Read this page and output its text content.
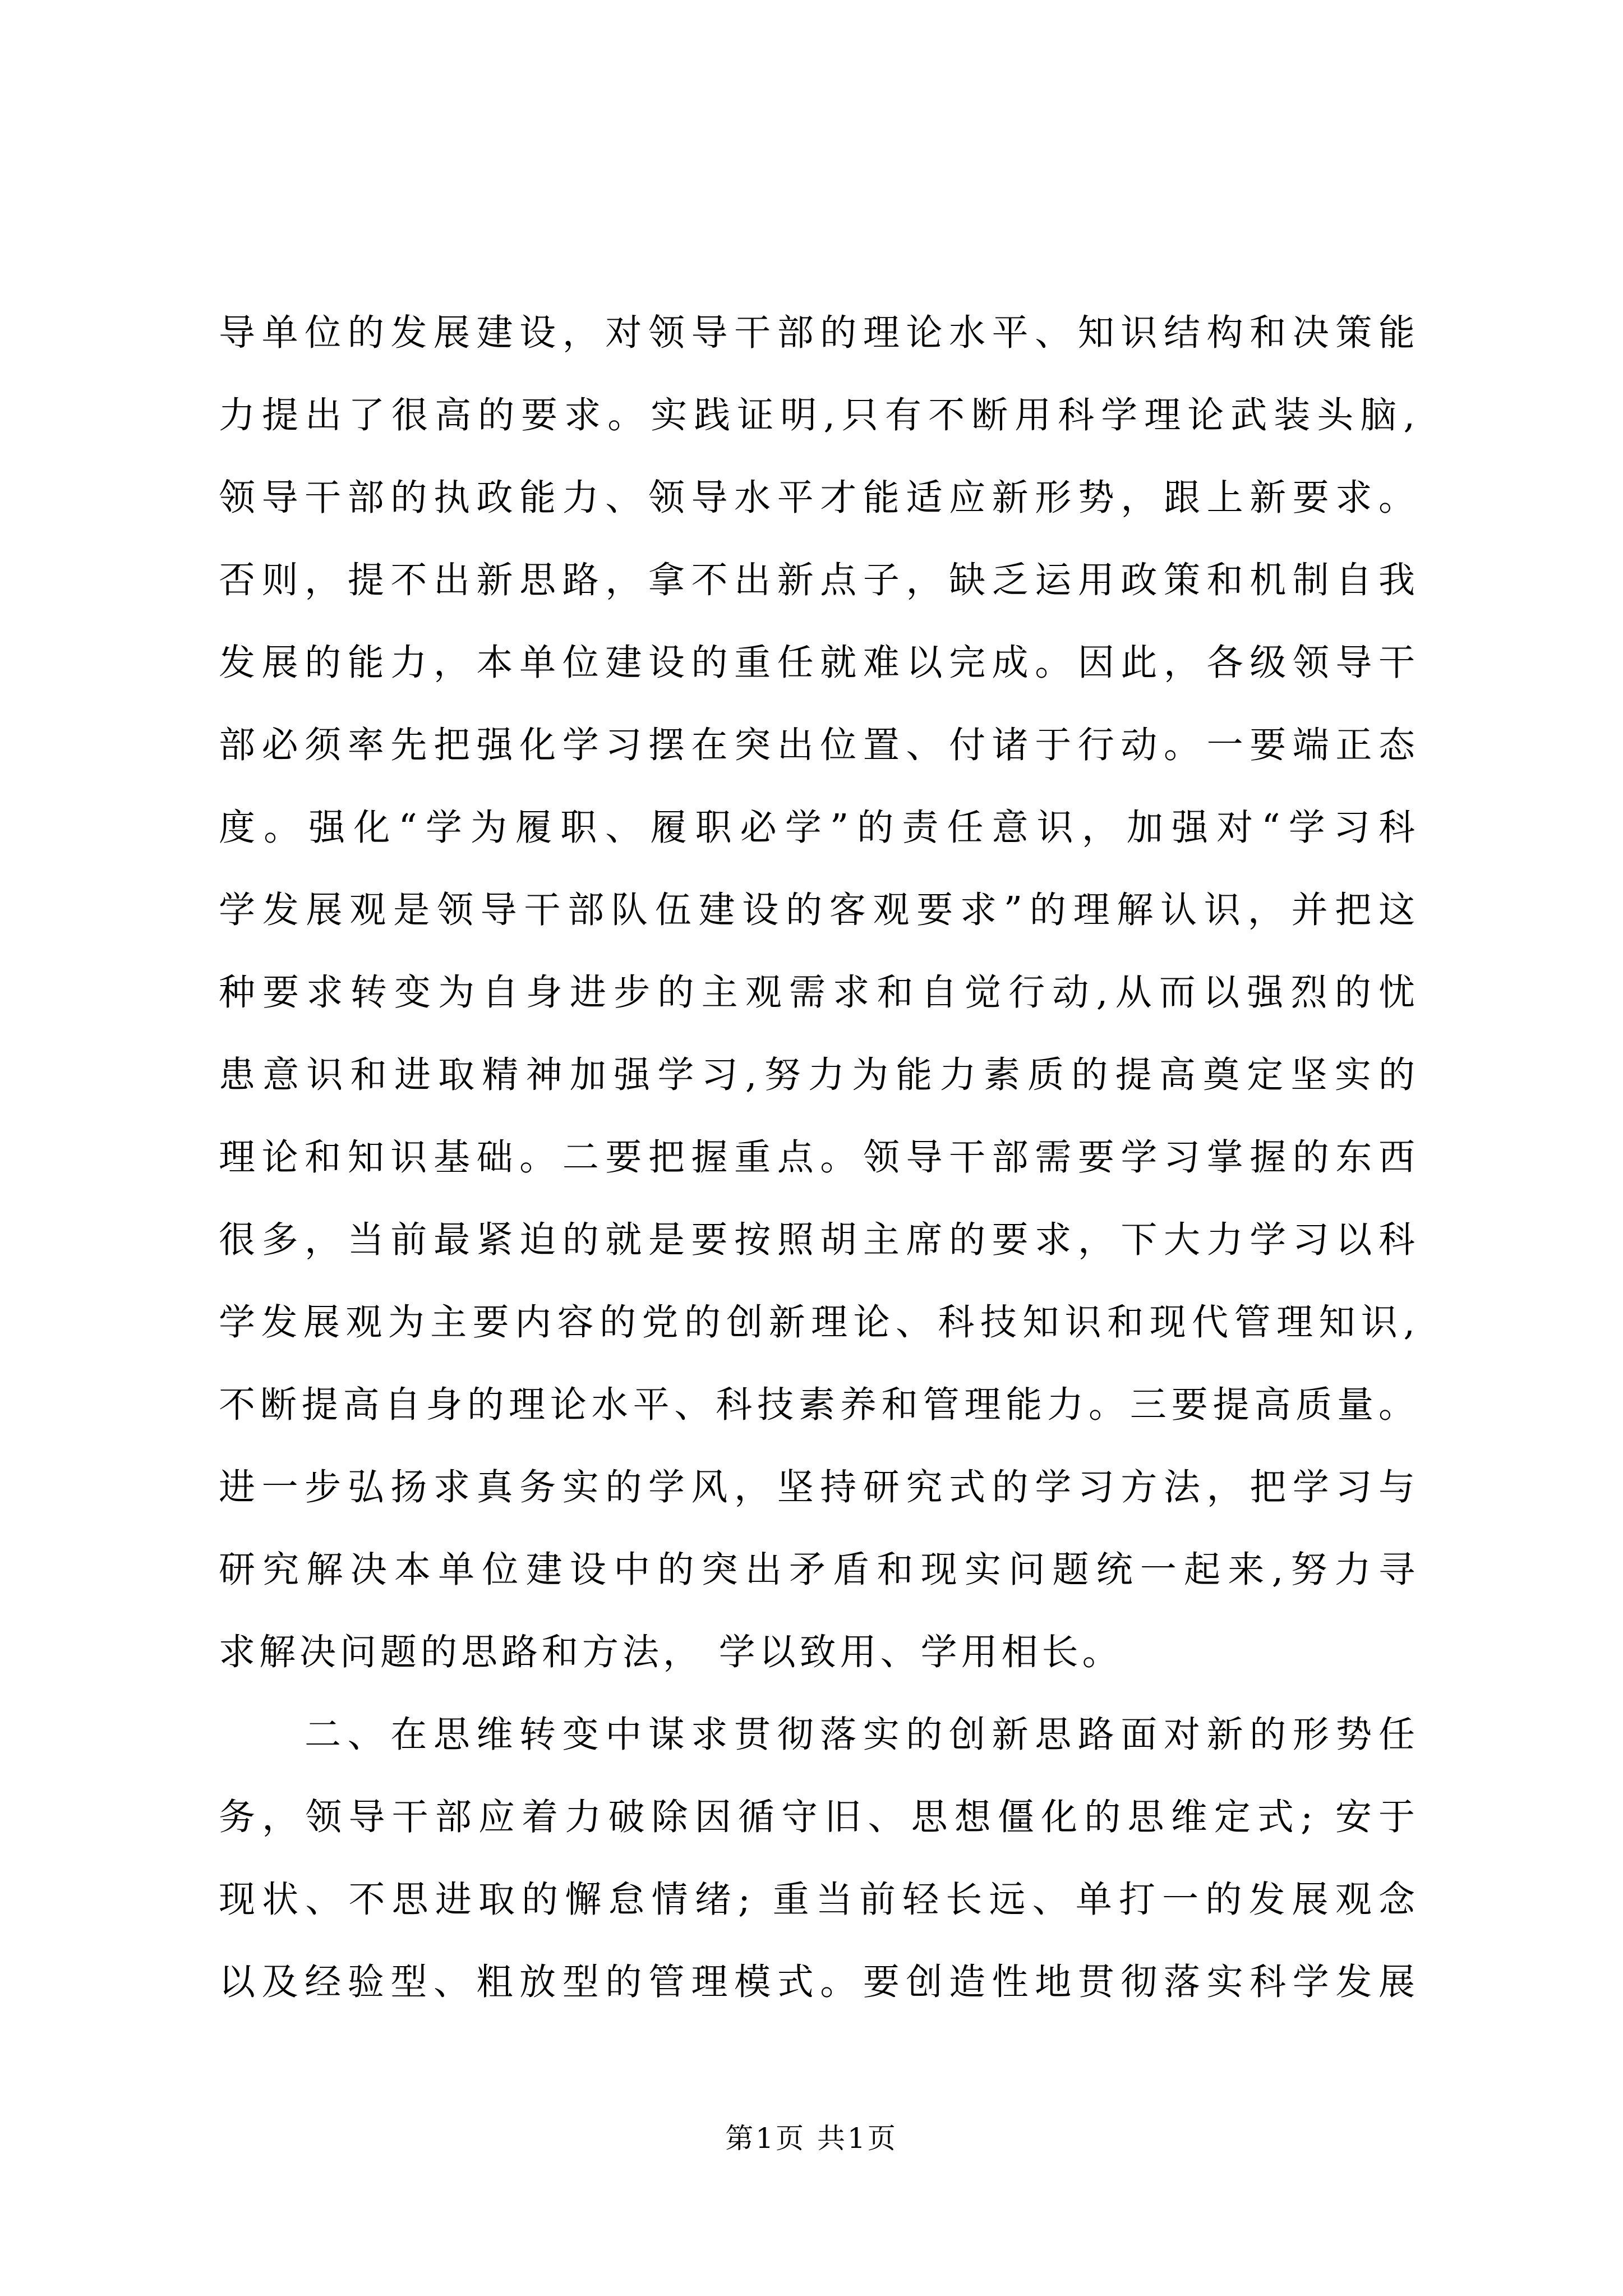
导单位的发展建设，对领导干部的理论水平、知识结构和决策能
力提出了很高的要求。实践证明,只有不断用科学理论武装头脑,
领导干部的执政能力、领导水平才能适应新形势，跟上新要求。
否则，提不出新思路，拿不出新点子，缺乏运用政策和机制自我
发展的能力，本单位建设的重任就难以完成。因此，各级领导干
部必须率先把强化学习摆在突出位置、付诸于行动。一要端正态
度。强化“学为履职、履职必学”的责任意识，加强对“学习科
学发展观是领导干部队伍建设的客观要求”的理解认识，并把这
种要求转变为自身进步的主观需求和自觉行动,从而以强烈的忧
患意识和进取精神加强学习,努力为能力素质的提高奠定坚实的
理论和知识基础。二要把握重点。领导干部需要学习掌握的东西
很多，当前最紧迫的就是要按照胡主席的要求，下大力学习以科
学发展观为主要内容的党的创新理论、科技知识和现代管理知识,
不断提高自身的理论水平、科技素养和管理能力。三要提高质量。
进一步弘扬求真务实的学风，坚持研究式的学习方法，把学习与
研究解决本单位建设中的突出矛盾和现实问题统一起来,努力寻
求解决问题的思路和方法， 学以致用、学用相长。
二、在思维转变中谋求贯彻落实的创新思路面对新的形势任
务，领导干部应着力破除因循守旧、思想僵化的思维定式; 安于
现状、不思进取的懈怠情绪; 重当前轻长远、单打一的发展观念
以及经验型、粗放型的管理模式。要创造性地贯彻落实科学发展
第1页 共1页
